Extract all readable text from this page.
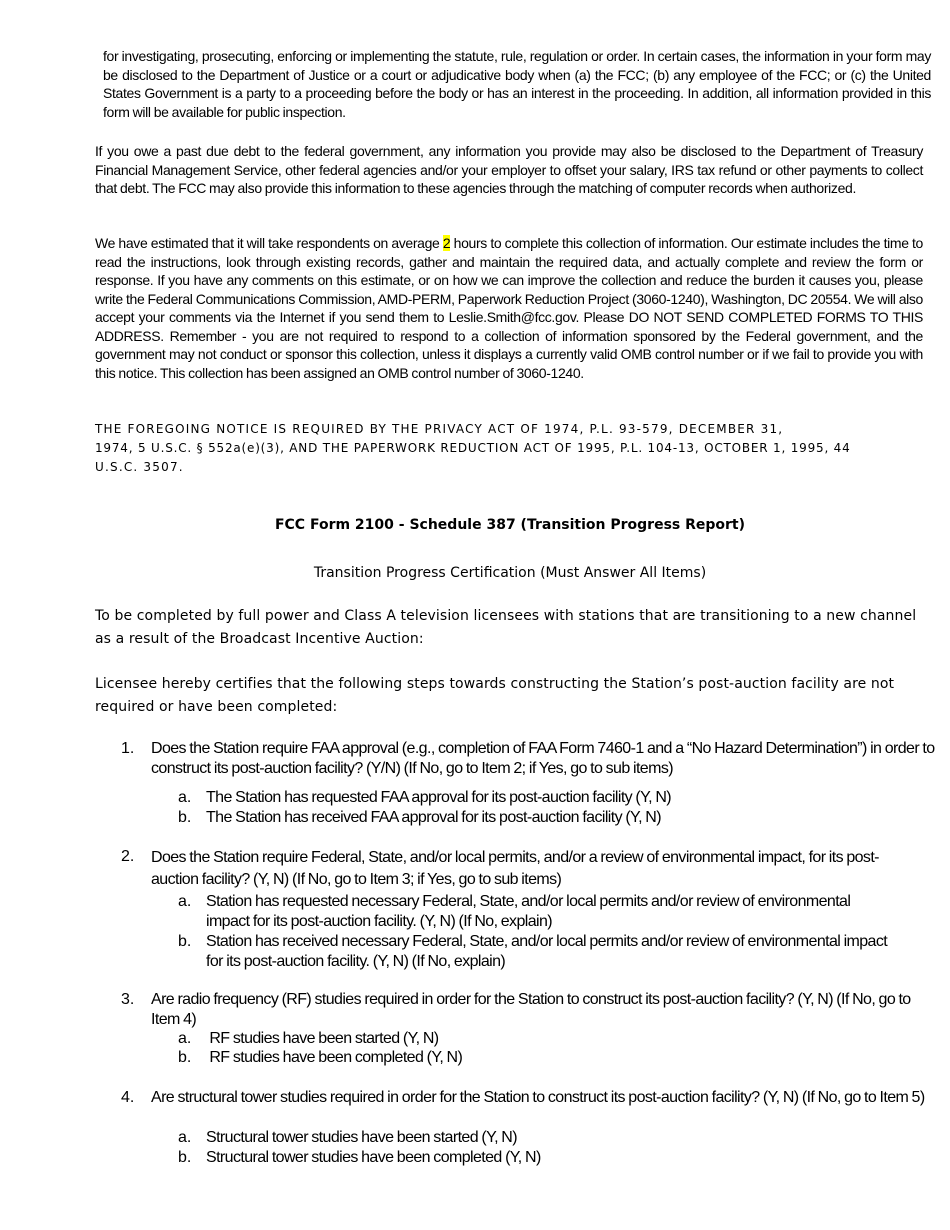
for investigating, prosecuting, enforcing or implementing the statute, rule, regulation or order. In certain cases, the information in your form may be disclosed to the Department of Justice or a court or adjudicative body when (a) the FCC; (b) any employee of the FCC; or (c) the United States Government is a party to a proceeding before the body or has an interest in the proceeding. In addition, all information provided in this form will be available for public inspection.

If you owe a past due debt to the federal government, any information you provide may also be disclosed to the Department of Treasury Financial Management Service, other federal agencies and/or your employer to offset your salary, IRS tax refund or other payments to collect that debt. The FCC may also provide this information to these agencies through the matching of computer records when authorized.

We have estimated that it will take respondents on average 2 hours to complete this collection of information. Our estimate includes the time to read the instructions, look through existing records, gather and maintain the required data, and actually complete and review the form or response. If you have any comments on this estimate, or on how we can improve the collection and reduce the burden it causes you, please write the Federal Communications Commission, AMD-PERM, Paperwork Reduction Project (3060-1240), Washington, DC 20554. We will also accept your comments via the Internet if you send them to Leslie.Smith@fcc.gov. Please DO NOT SEND COMPLETED FORMS TO THIS ADDRESS. Remember - you are not required to respond to a collection of information sponsored by the Federal government, and the government may not conduct or sponsor this collection, unless it displays a currently valid OMB control number or if we fail to provide you with this notice. This collection has been assigned an OMB control number of 3060-1240.

THE FOREGOING NOTICE IS REQUIRED BY THE PRIVACY ACT OF 1974, P.L. 93-579, DECEMBER 31,
1974, 5 U.S.C. § 552a(e)(3), AND THE PAPERWORK REDUCTION ACT OF 1995, P.L. 104-13, OCTOBER 1, 1995, 44
U.S.C. 3507.

FCC Form 2100 - Schedule 387 (Transition Progress Report)

Transition Progress Certification (Must Answer All Items)

To be completed by full power and Class A television licensees with stations that are transitioning to a new channel as a result of the Broadcast Incentive Auction:

Licensee hereby certifies that the following steps towards constructing the Station’s post-auction facility are not required or have been completed:

1. Does the Station require FAA approval (e.g., completion of FAA Form 7460-1 and a “No Hazard Determination”) in order to construct its post-auction facility? (Y/N) (If No, go to Item 2; if Yes, go to sub items)

a. The Station has requested FAA approval for its post-auction facility (Y, N)

b. The Station has received FAA approval for its post-auction facility (Y, N)

2. Does the Station require Federal, State, and/or local permits, and/or a review of environmental impact, for its post-auction facility? (Y, N) (If No, go to Item 3; if Yes, go to sub items)

a. Station has requested necessary Federal, State, and/or local permits and/or review of environmental impact for its post-auction facility. (Y, N) (If No, explain)

b. Station has received necessary Federal, State, and/or local permits and/or review of environmental impact for its post-auction facility. (Y, N) (If No, explain)

3. Are radio frequency (RF) studies required in order for the Station to construct its post-auction facility? (Y, N) (If No, go to Item 4)

a. RF studies have been started (Y, N)

b. RF studies have been completed (Y, N)

4. Are structural tower studies required in order for the Station to construct its post-auction facility? (Y, N) (If No, go to Item 5)

a. Structural tower studies have been started (Y, N)

b. Structural tower studies have been completed (Y, N)
